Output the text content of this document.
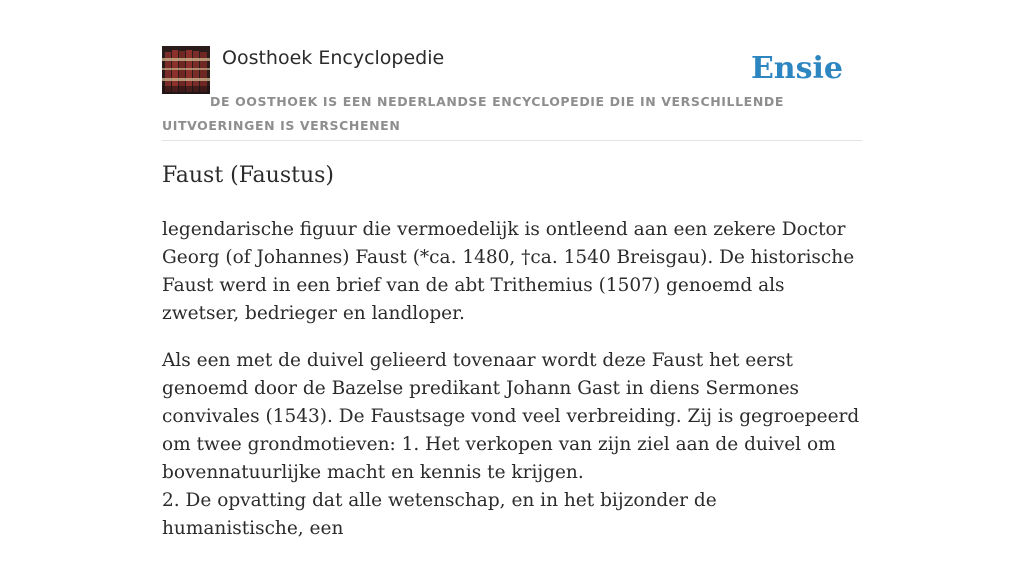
Oosthoek Encyclopedie	Ensie
DE OOSTHOEK IS EEN NEDERLANDSE ENCYCLOPEDIE DIE IN VERSCHILLENDE UITVOERINGEN IS VERSCHENEN
Faust (Faustus)

legendarische figuur die vermoedelijk is ontleend aan een zekere Doctor Georg (of Johannes) Faust (*ca. 1480, †ca. 1540 Breisgau). De historische Faust werd in een brief van de abt Trithemius (1507) genoemd als zwetser, bedrieger en landloper.

Als een met de duivel gelieerd tovenaar wordt deze Faust het eerst genoemd door de Bazelse predikant Johann Gast in diens Sermones convivales (1543). De Faustsage vond veel verbreiding. Zij is gegroepeerd om twee grondmotieven: 1. Het verkopen van zijn ziel aan de duivel om bovennatuurlijke macht en kennis te krijgen.

2. De opvatting dat alle wetenschap, en in het bijzonder de humanistische, een
